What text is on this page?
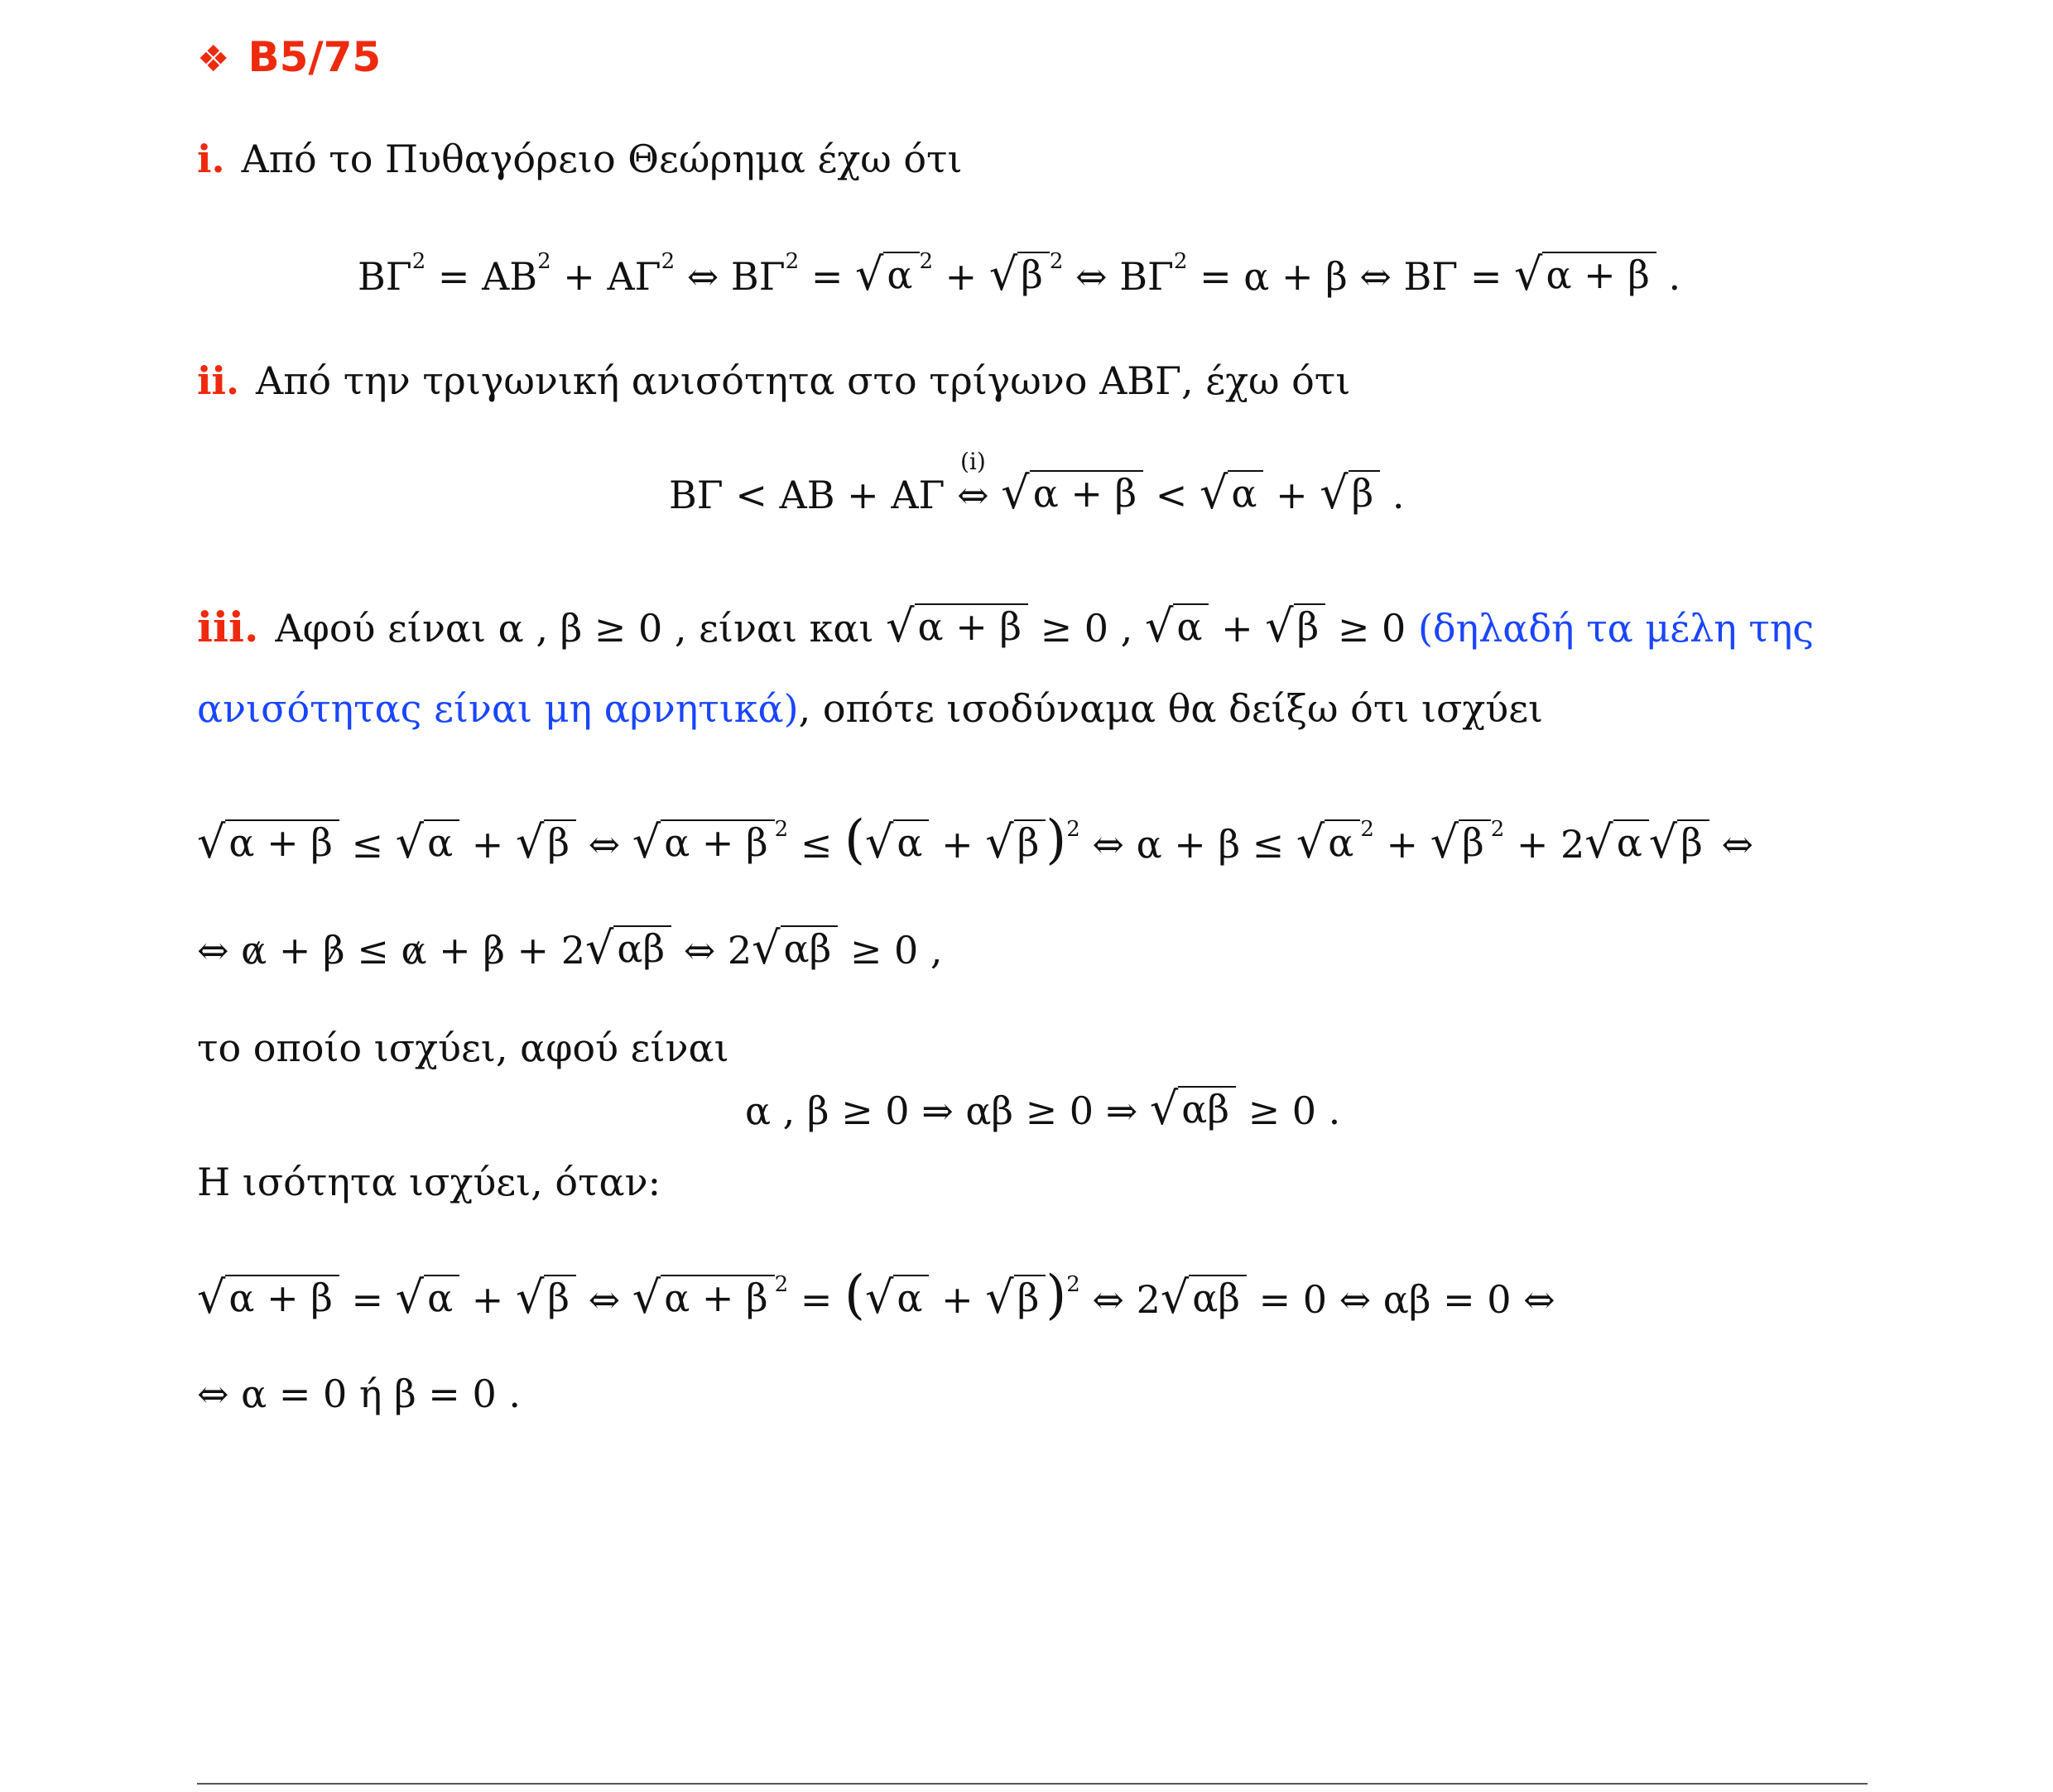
❖ B5/75
i. Από το Πυθαγόρειο Θεώρημα έχω ότι
$B\Gamma^2 = AB^2 + A\Gamma^2$ ⇔ $B\Gamma^2$ = √ α $^2$ + √ β $^2$ ⇔ $B\Gamma^2 = \alpha + \beta$ ⇔ ΒΓ = √ α + β .
ii. Από την τριγωνική ανισότητα στο τρίγωνο ΑΒΓ, έχω ότι
ΒΓ < ΑΒ + ΑΓ
(i)
⇔ √ α + β < √ α + √ β .
iii. Αφού είναι α , β ≥ 0 , είναι και √ α + β ≥ 0 , √ α + √ β ≥ 0 (δηλαδή τα μέλη της
ανισότητας είναι μη αρνητικά), οπότε ισοδύναμα θα δείξω ότι ισχύει
√ α + β ≤ √ α + √ β ⇔ √ α + β $^2$ ≤ ( √ α + √ β )$^2$ ⇔ α + β ≤ √ α $^2$ + √ β $^2$ + 2 √ α √ β ⇔
⇔ α + β ≤ α + β + 2 √ αβ ⇔ 2 √ αβ ≥ 0 ,
το οποίο ισχύει, αφού είναι
α , β ≥ 0 ⇒ αβ ≥ 0 ⇒ √ αβ ≥ 0 .
Η ισότητα ισχύει, όταν:
√ α + β = √ α + √ β ⇔ √ α + β $^2$ = ( √ α + √ β )$^2$ ⇔ 2 √ αβ = 0 ⇔ αβ = 0 ⇔
⇔ α = 0 ή β = 0 .
